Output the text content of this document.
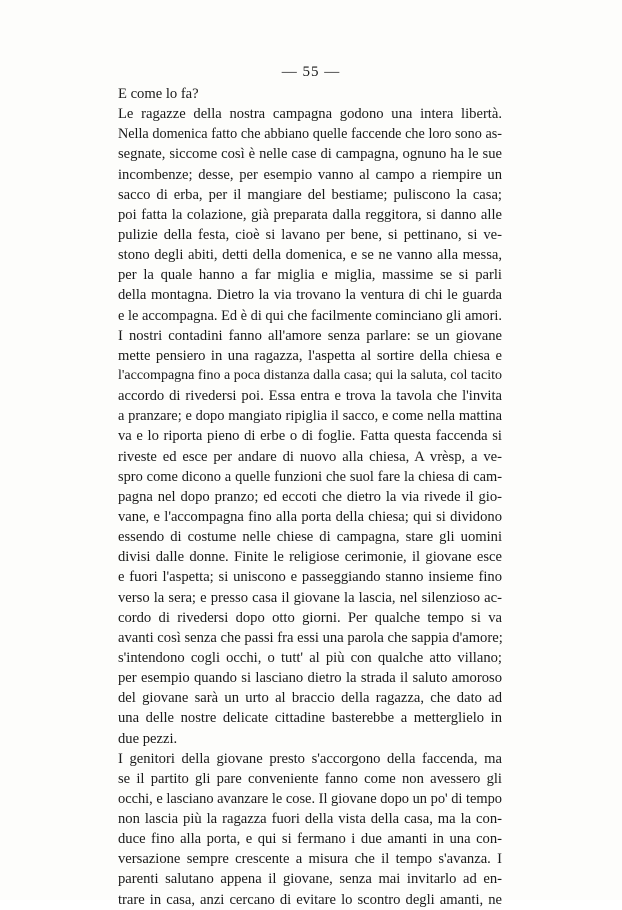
— 55 —
E come lo fa?
Le ragazze della nostra campagna godono una intera libertà.
Nella domenica fatto che abbiano quelle faccende che loro sono as-
segnate, siccome così è nelle case di campagna, ognuno ha le sue
incombenze; desse, per esempio vanno al campo a riempire un
sacco di erba, per il mangiare del bestiame; puliscono la casa;
poi fatta la colazione, già preparata dalla reggitora, si danno alle
pulizie della festa, cioè si lavano per bene, si pettinano, si ve-
stono degli abiti, detti della domenica, e se ne vanno alla messa,
per la quale hanno a far miglia e miglia, massime se si parli
della montagna. Dietro la via trovano la ventura di chi le guarda
e le accompagna. Ed è di qui che facilmente cominciano gli amori.
I nostri contadini fanno all'amore senza parlare: se un giovane
mette pensiero in una ragazza, l'aspetta al sortire della chiesa e
l'accompagna fino a poca distanza dalla casa; qui la saluta, col tacito
accordo di rivedersi poi. Essa entra e trova la tavola che l'invita
a pranzare; e dopo mangiato ripiglia il sacco, e come nella mattina
va e lo riporta pieno di erbe o di foglie. Fatta questa faccenda si
riveste ed esce per andare di nuovo alla chiesa, A vrèsp, a ve-
spro come dicono a quelle funzioni che suol fare la chiesa di cam-
pagna nel dopo pranzo; ed eccoti che dietro la via rivede il gio-
vane, e l'accompagna fino alla porta della chiesa; qui si dividono
essendo di costume nelle chiese di campagna, stare gli uomini
divisi dalle donne. Finite le religiose cerimonie, il giovane esce
e fuori l'aspetta; si uniscono e passeggiando stanno insieme fino
verso la sera; e presso casa il giovane la lascia, nel silenzioso ac-
cordo di rivedersi dopo otto giorni. Per qualche tempo si va
avanti così senza che passi fra essi una parola che sappia d'amore;
s'intendono cogli occhi, o tutt' al più con qualche atto villano;
per esempio quando si lasciano dietro la strada il saluto amoroso
del giovane sarà un urto al braccio della ragazza, che dato ad
una delle nostre delicate cittadine basterebbe a metterglielo in
due pezzi.
I genitori della giovane presto s'accorgono della faccenda, ma
se il partito gli pare conveniente fanno come non avessero gli
occhi, e lasciano avanzare le cose. Il giovane dopo un po' di tempo
non lascia più la ragazza fuori della vista della casa, ma la con-
duce fino alla porta, e qui si fermano i due amanti in una con-
versazione sempre crescente a misura che il tempo s'avanza. I
parenti salutano appena il giovane, senza mai invitarlo ad en-
trare in casa, anzi cercano di evitare lo scontro degli amanti, ne
